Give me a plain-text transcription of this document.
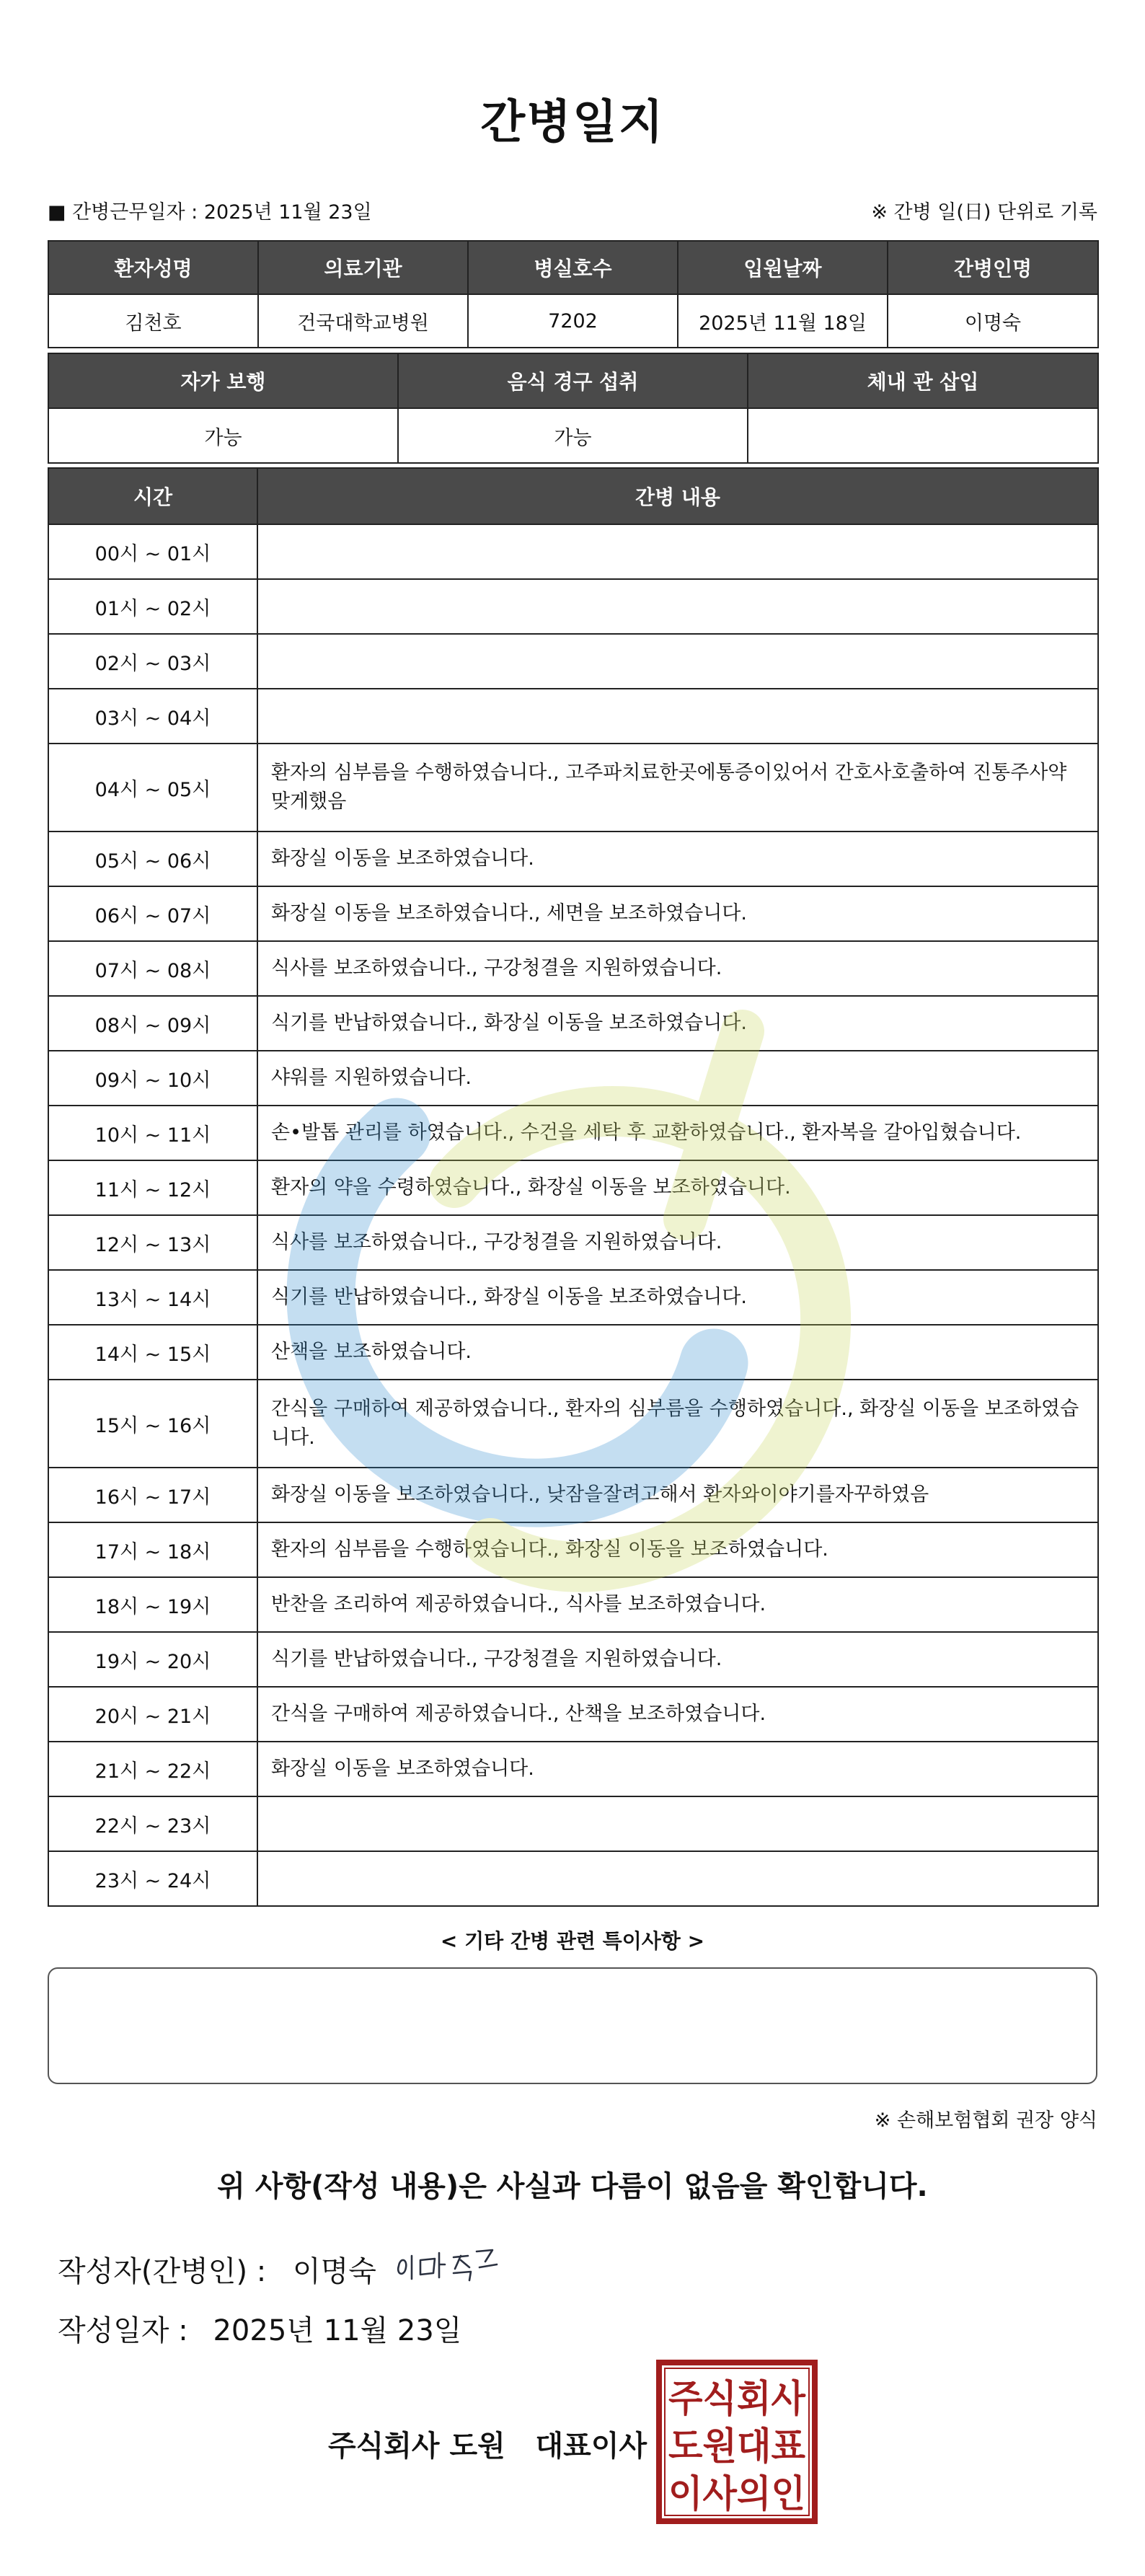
간병일지
■ 간병근무일자 : 2025년 11월 23일	※ 간병 일(日) 단위로 기록
환자성명	의료기관	병실호수	입원날짜	간병인명
김천호	건국대학교병원	7202	2025년 11월 18일	이명숙
자가 보행	음식 경구 섭취	체내 관 삽입
가능	가능	
시간	간병 내용
00시 ~ 01시	
01시 ~ 02시	
02시 ~ 03시	
03시 ~ 04시	
04시 ~ 05시	환자의 심부름을 수행하였습니다., 고주파치료한곳에통증이있어서 간호사호출하여 진통주사약맞게했음
05시 ~ 06시	화장실 이동을 보조하였습니다.
06시 ~ 07시	화장실 이동을 보조하였습니다., 세면을 보조하였습니다.
07시 ~ 08시	식사를 보조하였습니다., 구강청결을 지원하였습니다.
08시 ~ 09시	식기를 반납하였습니다., 화장실 이동을 보조하였습니다.
09시 ~ 10시	샤워를 지원하였습니다.
10시 ~ 11시	손•발톱 관리를 하였습니다., 수건을 세탁 후 교환하였습니다., 환자복을 갈아입혔습니다.
11시 ~ 12시	환자의 약을 수령하였습니다., 화장실 이동을 보조하였습니다.
12시 ~ 13시	식사를 보조하였습니다., 구강청결을 지원하였습니다.
13시 ~ 14시	식기를 반납하였습니다., 화장실 이동을 보조하였습니다.
14시 ~ 15시	산책을 보조하였습니다.
15시 ~ 16시	간식을 구매하여 제공하였습니다., 환자의 심부름을 수행하였습니다., 화장실 이동을 보조하였습니다.
16시 ~ 17시	화장실 이동을 보조하였습니다., 낮잠을잘려고해서 환자와이야기를자꾸하였음
17시 ~ 18시	환자의 심부름을 수행하였습니다., 화장실 이동을 보조하였습니다.
18시 ~ 19시	반찬을 조리하여 제공하였습니다., 식사를 보조하였습니다.
19시 ~ 20시	식기를 반납하였습니다., 구강청결을 지원하였습니다.
20시 ~ 21시	간식을 구매하여 제공하였습니다., 산책을 보조하였습니다.
21시 ~ 22시	화장실 이동을 보조하였습니다.
22시 ~ 23시	
23시 ~ 24시	
< 기타 간병 관련 특이사항 >
※ 손해보험협회 권장 양식
위 사항(작성 내용)은 사실과 다름이 없음을 확인합니다.
작성자(간병인) : 이명숙
작성일자 : 2025년 11월 23일
주식회사 도원   대표이사
주식회사
도원대표
이사의인
